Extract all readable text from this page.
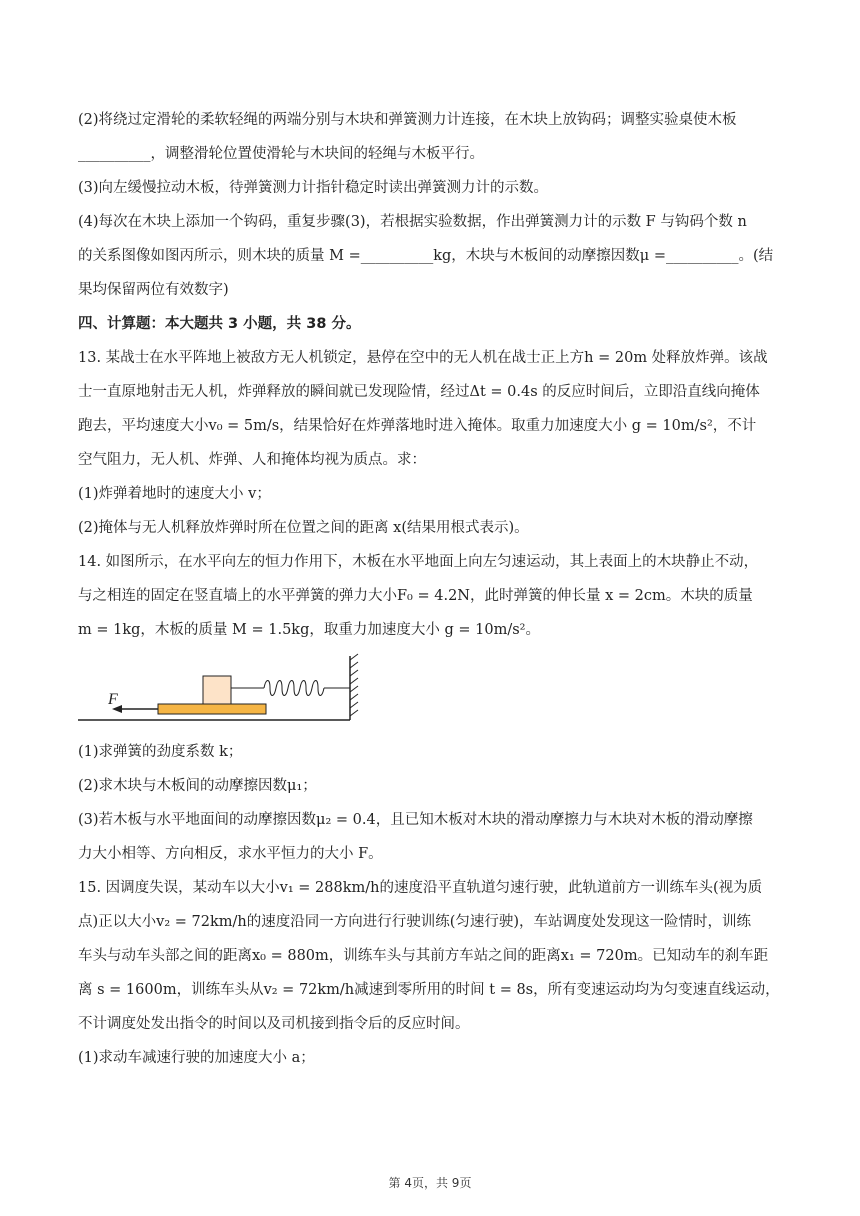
(2)将绕过定滑轮的柔软轻绳的两端分别与木块和弹簧测力计连接，在木块上放钩码；调整实验桌使木板
__________，调整滑轮位置使滑轮与木块间的轻绳与木板平行。
(3)向左缓慢拉动木板，待弹簧测力计指针稳定时读出弹簧测力计的示数。
(4)每次在木块上添加一个钩码，重复步骤(3)，若根据实验数据，作出弹簧测力计的示数 F 与钩码个数 n
的关系图像如图丙所示，则木块的质量 M =__________kg，木块与木板间的动摩擦因数μ =__________。(结
果均保留两位有效数字)
四、计算题：本大题共 3 小题，共 38 分。
13. 某战士在水平阵地上被敌方无人机锁定，悬停在空中的无人机在战士正上方h = 20m 处释放炸弹。该战
士一直原地射击无人机，炸弹释放的瞬间就已发现险情，经过Δt = 0.4s 的反应时间后，立即沿直线向掩体
跑去，平均速度大小v₀ = 5m/s，结果恰好在炸弹落地时进入掩体。取重力加速度大小 g = 10m/s²，不计
空气阻力，无人机、炸弹、人和掩体均视为质点。求：
(1)炸弹着地时的速度大小 v；
(2)掩体与无人机释放炸弹时所在位置之间的距离 x(结果用根式表示)。
14. 如图所示，在水平向左的恒力作用下，木板在水平地面上向左匀速运动，其上表面上的木块静止不动，
与之相连的固定在竖直墙上的水平弹簧的弹力大小F₀ = 4.2N，此时弹簧的伸长量 x = 2cm。木块的质量
m = 1kg，木板的质量 M = 1.5kg，取重力加速度大小 g = 10m/s²。
F
(1)求弹簧的劲度系数 k；
(2)求木块与木板间的动摩擦因数μ₁；
(3)若木板与水平地面间的动摩擦因数μ₂ = 0.4，且已知木板对木块的滑动摩擦力与木块对木板的滑动摩擦
力大小相等、方向相反，求水平恒力的大小 F。
15. 因调度失误，某动车以大小v₁ = 288km/h的速度沿平直轨道匀速行驶，此轨道前方一训练车头(视为质
点)正以大小v₂ = 72km/h的速度沿同一方向进行行驶训练(匀速行驶)，车站调度处发现这一险情时，训练
车头与动车头部之间的距离x₀ = 880m，训练车头与其前方车站之间的距离x₁ = 720m。已知动车的刹车距
离 s = 1600m，训练车头从v₂ = 72km/h减速到零所用的时间 t = 8s，所有变速运动均为匀变速直线运动，
不计调度处发出指令的时间以及司机接到指令后的反应时间。
(1)求动车减速行驶的加速度大小 a；
第 4页，共 9页
